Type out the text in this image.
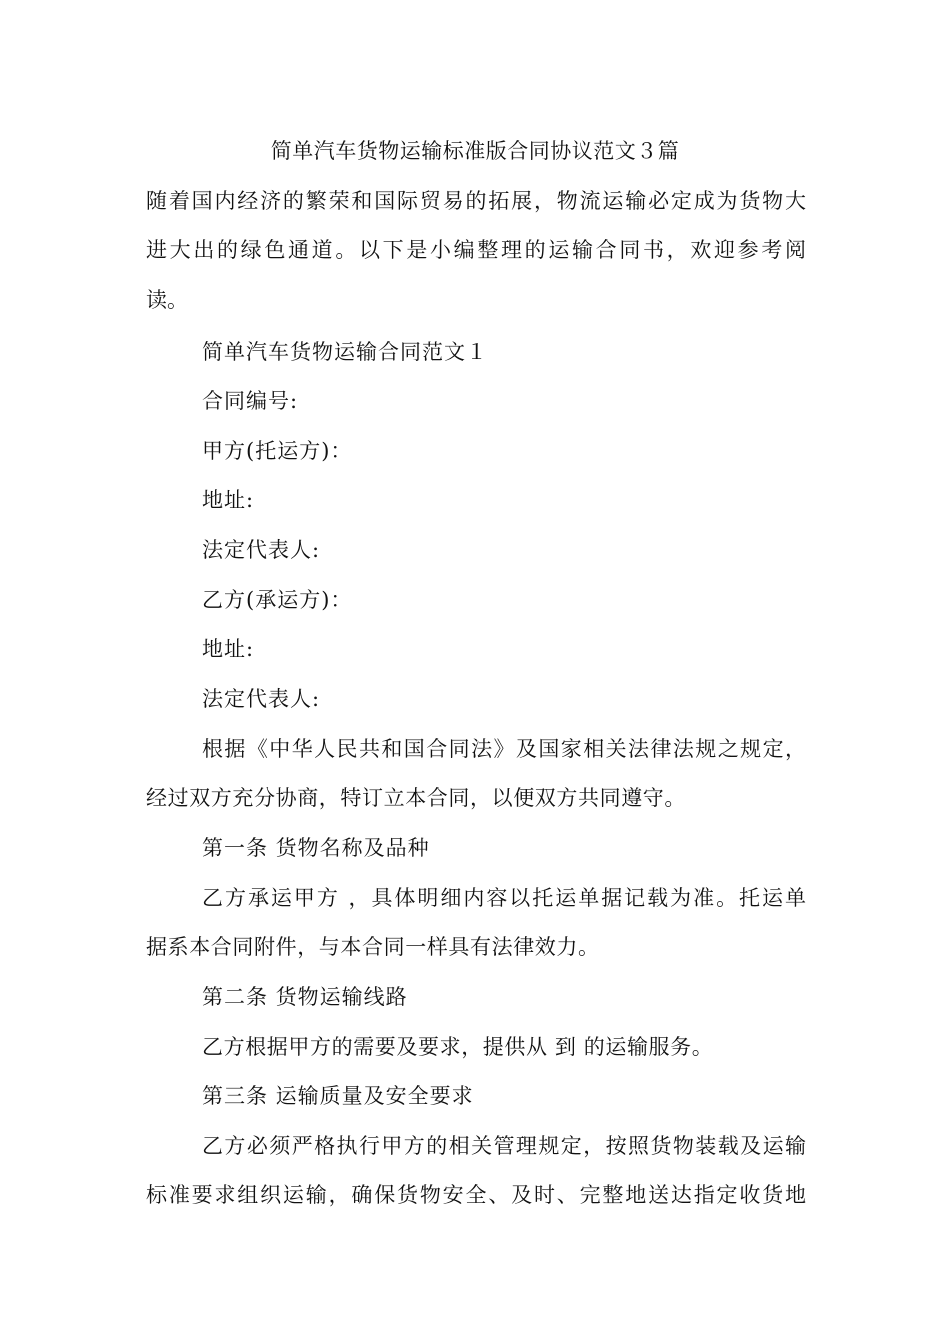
简单汽车货物运输标准版合同协议范文３篇
随着国内经济的繁荣和国际贸易的拓展，物流运输必定成为货物大
进大出的绿色通道。以下是小编整理的运输合同书，欢迎参考阅
读。
简单汽车货物运输合同范文１
合同编号:
甲方(托运方)：
地址:
法定代表人:
乙方(承运方)：
地址:
法定代表人:
根据《中华人民共和国合同法》及国家相关法律法规之规定，
经过双方充分协商，特订立本合同，以便双方共同遵守。
第一条 货物名称及品种
乙方承运甲方 ，具体明细内容以托运单据记载为准。托运单
据系本合同附件，与本合同一样具有法律效力。
第二条 货物运输线路
乙方根据甲方的需要及要求，提供从 到 的运输服务。
第三条 运输质量及安全要求
乙方必须严格执行甲方的相关管理规定，按照货物装载及运输
标准要求组织运输，确保货物安全、及时、完整地送达指定收货地
